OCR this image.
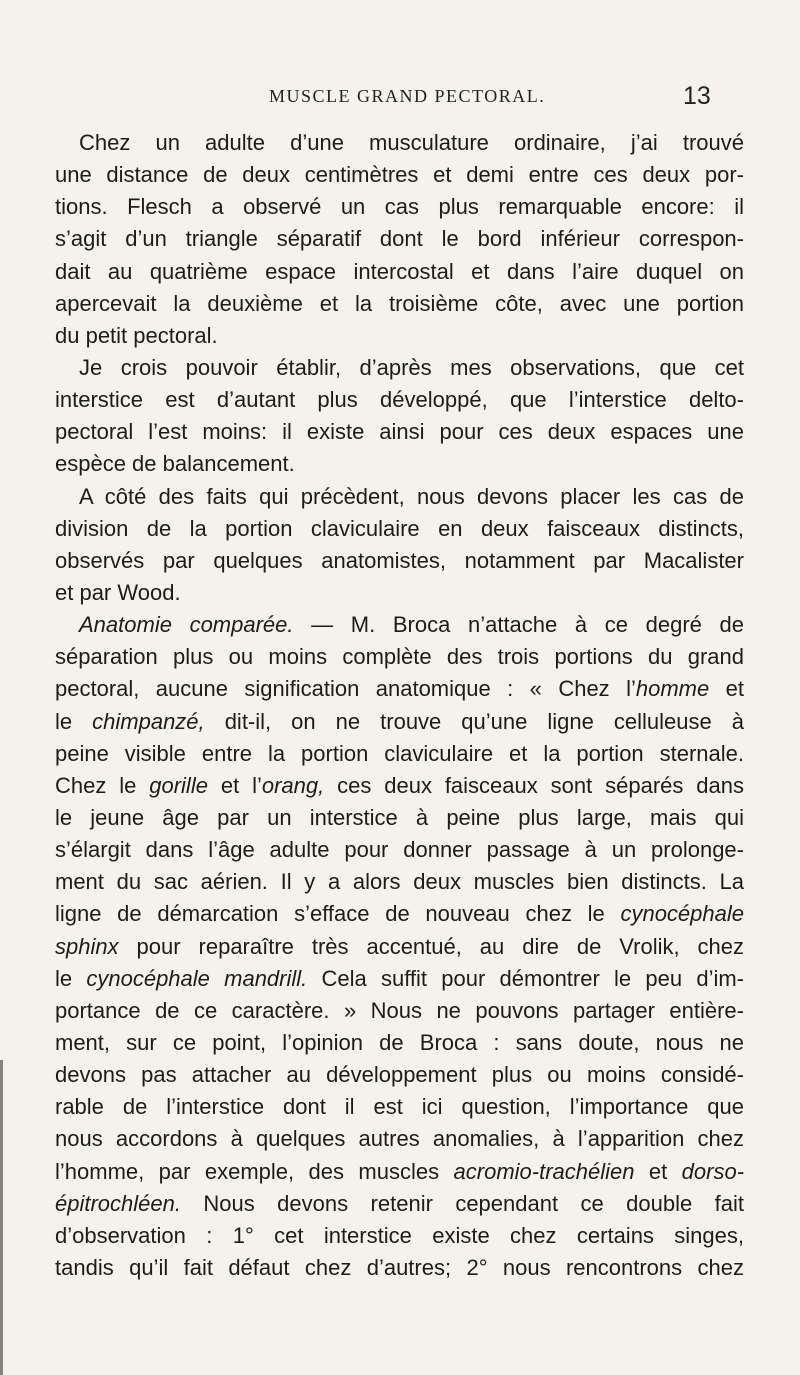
MUSCLE GRAND PECTORAL.	13
Chez un adulte d’une musculature ordinaire, j’ai trouvé
une distance de deux centimètres et demi entre ces deux por-
tions. Flesch a observé un cas plus remarquable encore: il
s’agit d’un triangle séparatif dont le bord inférieur correspon-
dait au quatrième espace intercostal et dans l’aire duquel on
apercevait la deuxième et la troisième côte, avec une portion
du petit pectoral.
Je crois pouvoir établir, d’après mes observations, que cet
interstice est d’autant plus développé, que l’interstice delto-
pectoral l’est moins: il existe ainsi pour ces deux espaces une
espèce de balancement.
A côté des faits qui précèdent, nous devons placer les cas de
division de la portion claviculaire en deux faisceaux distincts,
observés par quelques anatomistes, notamment par Macalister
et par Wood.
Anatomie comparée. — M. Broca n’attache à ce degré de
séparation plus ou moins complète des trois portions du grand
pectoral, aucune signification anatomique : « Chez l’homme et
le chimpanzé, dit-il, on ne trouve qu’une ligne celluleuse à
peine visible entre la portion claviculaire et la portion sternale.
Chez le gorille et l’orang, ces deux faisceaux sont séparés dans
le jeune âge par un interstice à peine plus large, mais qui
s’élargit dans l’âge adulte pour donner passage à un prolonge-
ment du sac aérien. Il y a alors deux muscles bien distincts. La
ligne de démarcation s’efface de nouveau chez le cynocéphale
sphinx pour reparaître très accentué, au dire de Vrolik, chez
le cynocéphale mandrill. Cela suffit pour démontrer le peu d’im-
portance de ce caractère. » Nous ne pouvons partager entière-
ment, sur ce point, l’opinion de Broca : sans doute, nous ne
devons pas attacher au développement plus ou moins considé-
rable de l’interstice dont il est ici question, l’importance que
nous accordons à quelques autres anomalies, à l’apparition chez
l’homme, par exemple, des muscles acromio-trachélien et dorso-
épitrochléen. Nous devons retenir cependant ce double fait
d’observation : 1° cet interstice existe chez certains singes,
tandis qu’il fait défaut chez d’autres; 2° nous rencontrons chez
